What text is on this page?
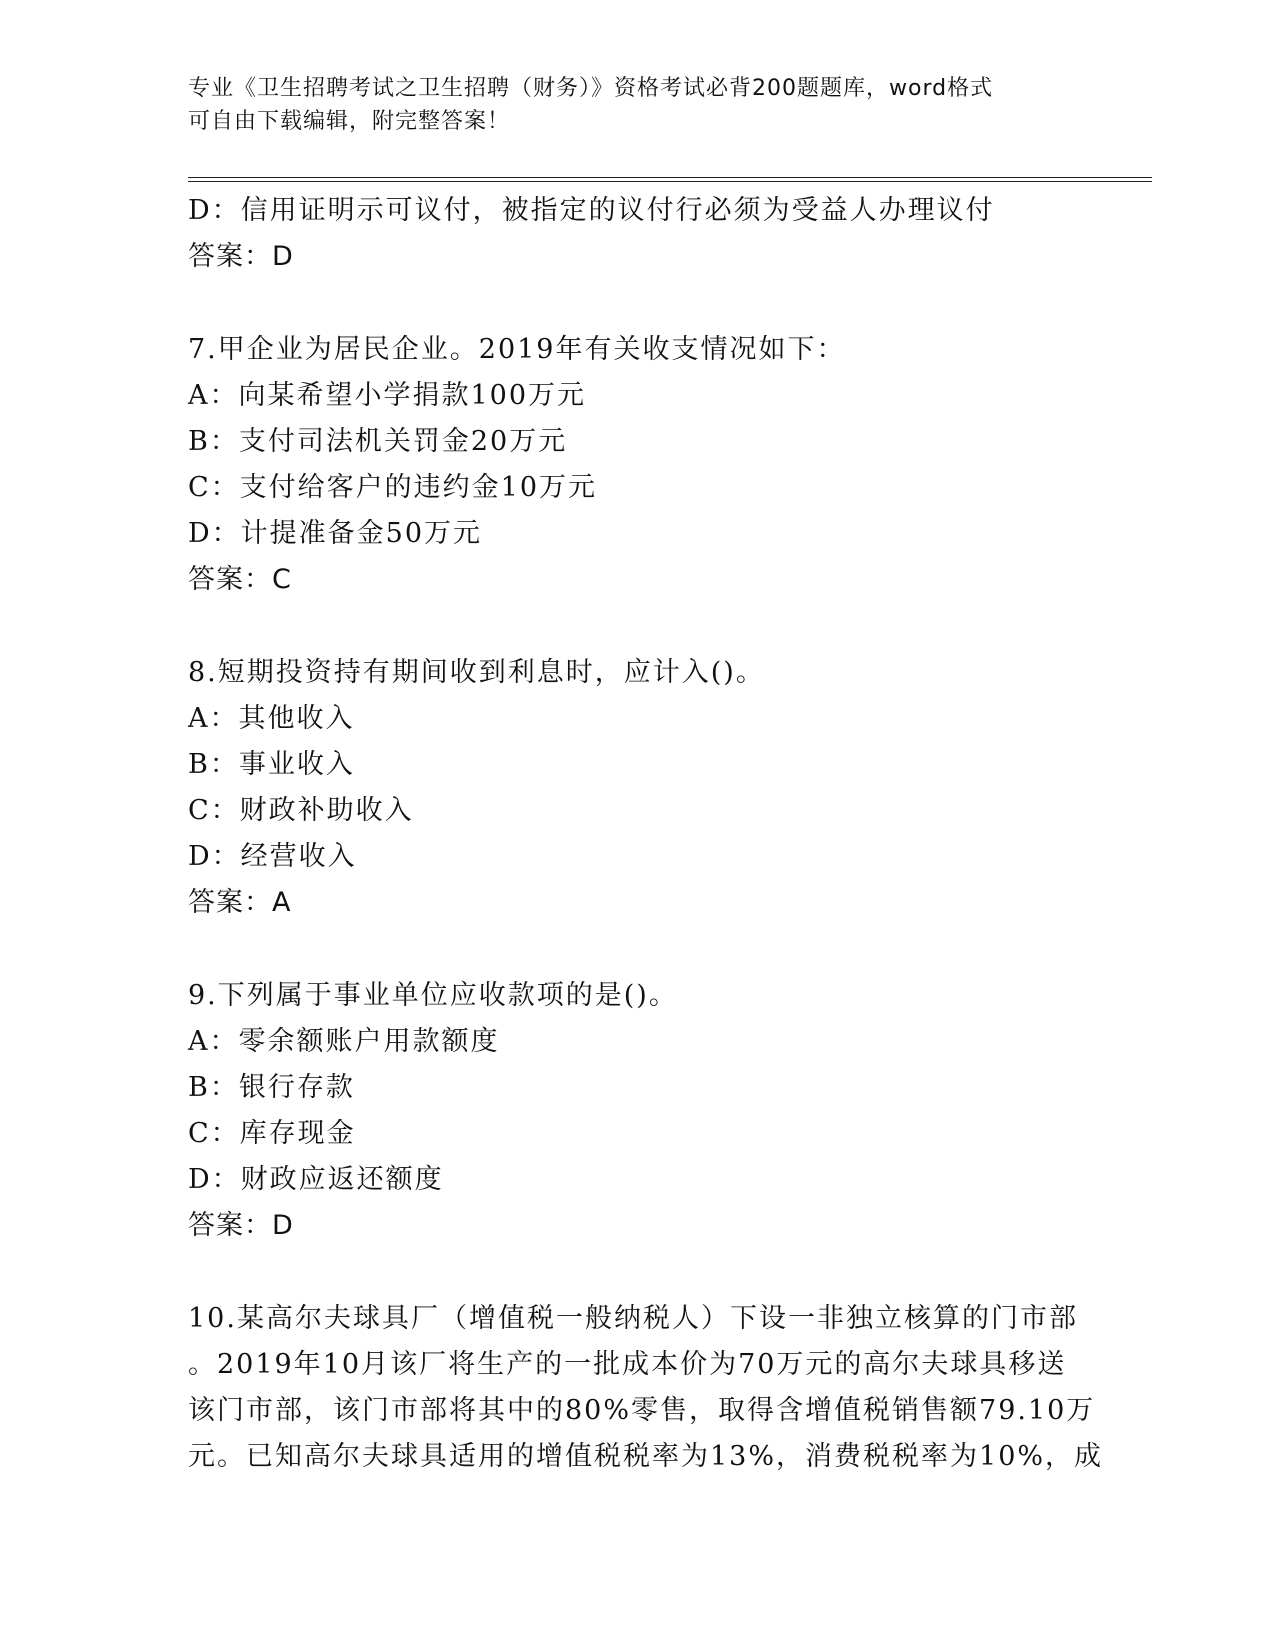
专业《卫生招聘考试之卫生招聘（财务）》资格考试必背200题题库，word格式
可自由下载编辑，附完整答案！
D：信用证明示可议付，被指定的议付行必须为受益人办理议付
答案：D
7.甲企业为居民企业。2019年有关收支情况如下：
A：向某希望小学捐款100万元
B：支付司法机关罚金20万元
C：支付给客户的违约金10万元
D：计提准备金50万元
答案：C
8.短期投资持有期间收到利息时，应计入()。
A：其他收入
B：事业收入
C：财政补助收入
D：经营收入
答案：A
9.下列属于事业单位应收款项的是()。
A：零余额账户用款额度
B：银行存款
C：库存现金
D：财政应返还额度
答案：D
10.某高尔夫球具厂（增值税一般纳税人）下设一非独立核算的门市部
。2019年10月该厂将生产的一批成本价为70万元的高尔夫球具移送
该门市部，该门市部将其中的80%零售，取得含增值税销售额79.10万
元。已知高尔夫球具适用的增值税税率为13%，消费税税率为10%，成
